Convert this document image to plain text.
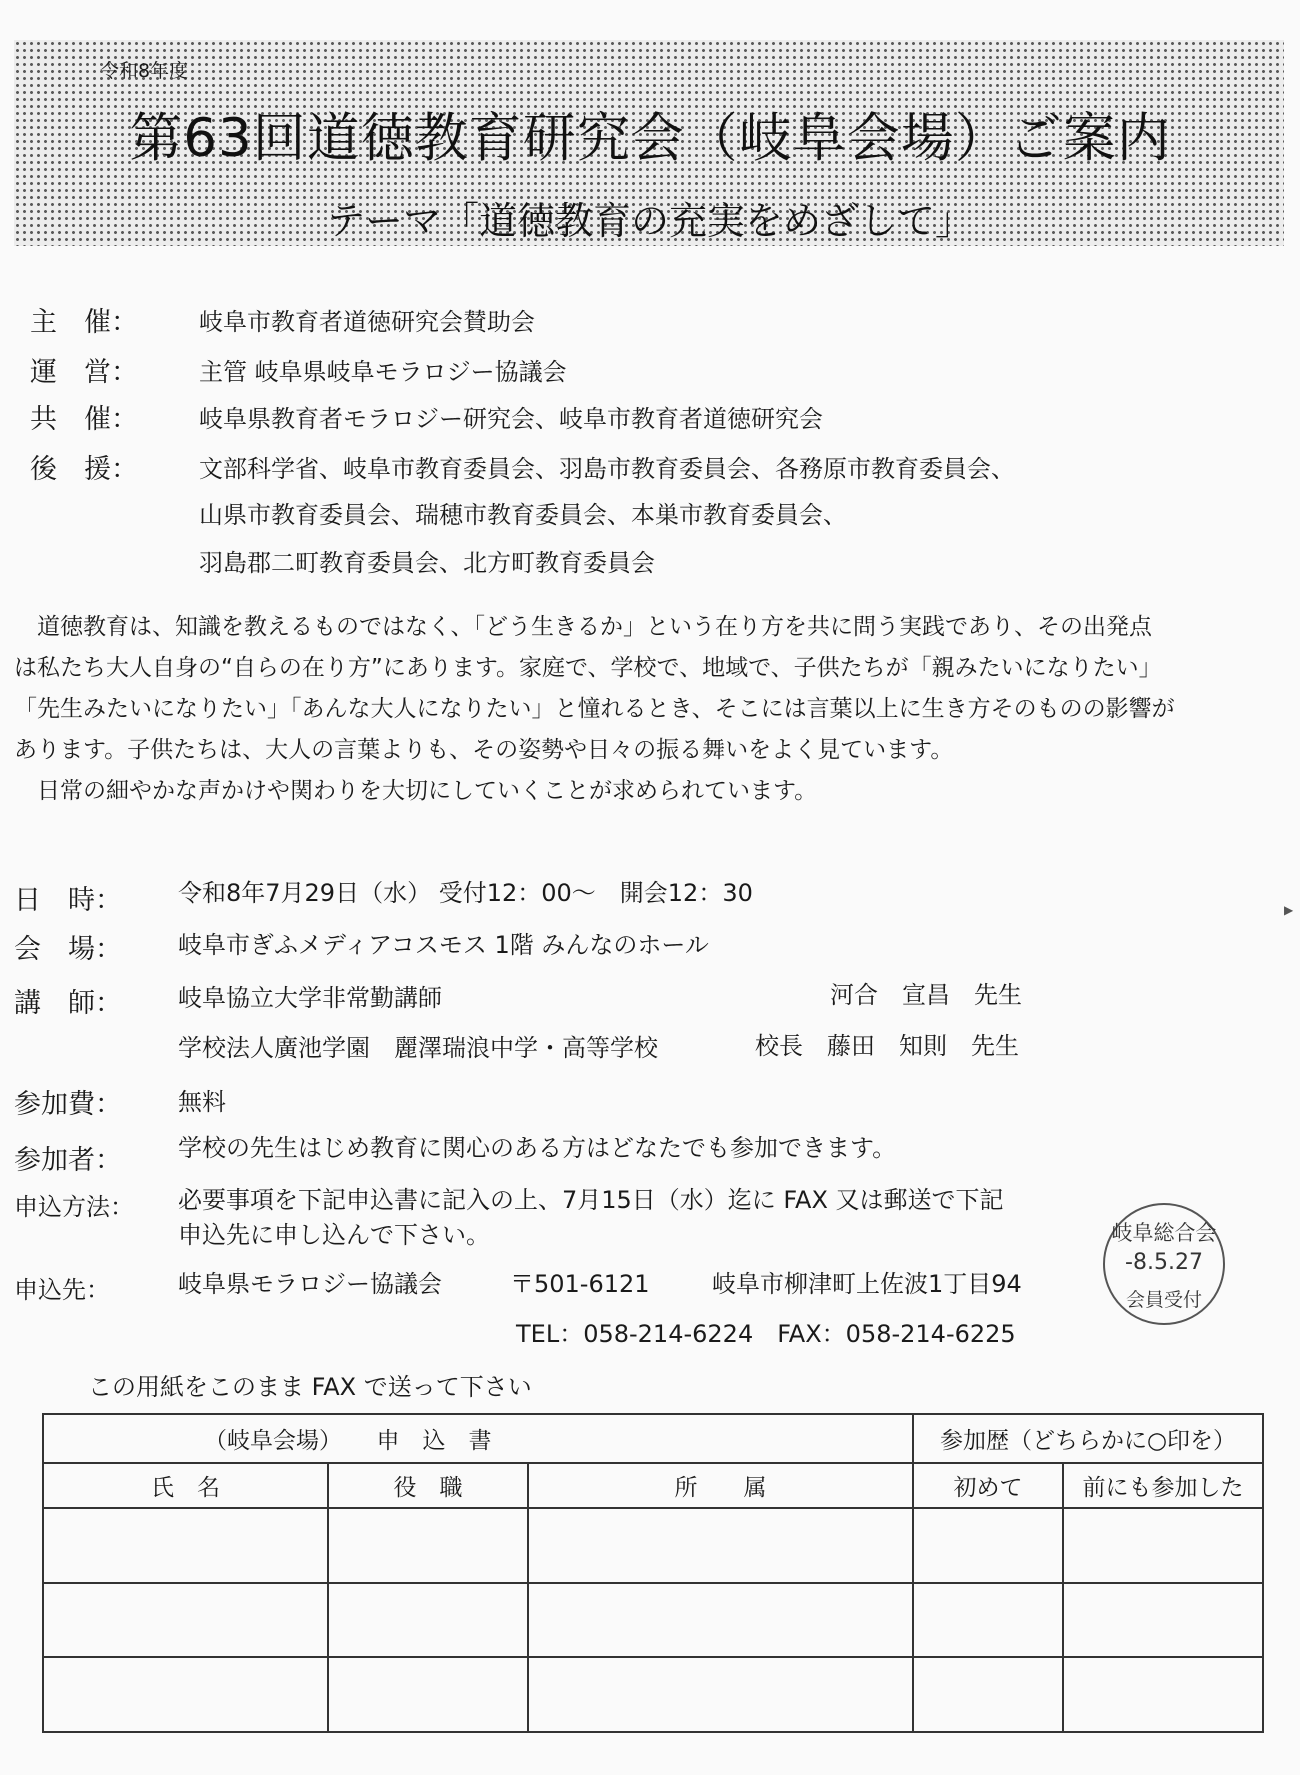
令和8年度
第63回道徳教育研究会（岐阜会場）ご案内
テーマ「道徳教育の充実をめざして」
主　催：	岐阜市教育者道徳研究会賛助会
運　営：	主管 岐阜県岐阜モラロジー協議会
共　催：	岐阜県教育者モラロジー研究会、岐阜市教育者道徳研究会
後　援：	文部科学省、岐阜市教育委員会、羽島市教育委員会、各務原市教育委員会、
山県市教育委員会、瑞穂市教育委員会、本巣市教育委員会、
羽島郡二町教育委員会、北方町教育委員会
　道徳教育は、知識を教えるものではなく、「どう生きるか」という在り方を共に問う実践であり、その出発点
は私たち大人自身の“自らの在り方”にあります。家庭で、学校で、地域で、子供たちが「親みたいになりたい」
「先生みたいになりたい」「あんな大人になりたい」と憧れるとき、そこには言葉以上に生き方そのものの影響が
あります。子供たちは、大人の言葉よりも、その姿勢や日々の振る舞いをよく見ています。
　日常の細やかな声かけや関わりを大切にしていくことが求められています。
日　時： 令和8年7月29日（水） 受付12：00～　開会12：30
会　場： 岐阜市ぎふメディアコスモス 1階 みんなのホール
講　師： 岐阜協立大学非常勤講師	河合　宣昌　先生
学校法人廣池学園　麗澤瑞浪中学・高等学校	校長　藤田　知則　先生
参加費： 無料
参加者： 学校の先生はじめ教育に関心のある方はどなたでも参加できます。
申込方法： 必要事項を下記申込書に記入の上、7月15日（水）迄に FAX 又は郵送で下記
申込先に申し込んで下さい。
申込先：	岐阜県モラロジー協議会	〒501-6121	岐阜市柳津町上佐波1丁目94
TEL：058-214-6224　FAX：058-214-6225
岐阜総合会
-8.5.27
会員受付
▶
この用紙をこのまま FAX で送って下さい
（岐阜会場）　　申　込　書			参加歴（どちらかに○印を）	
氏　名	役　職	所　　属	初めて	前にも参加した
